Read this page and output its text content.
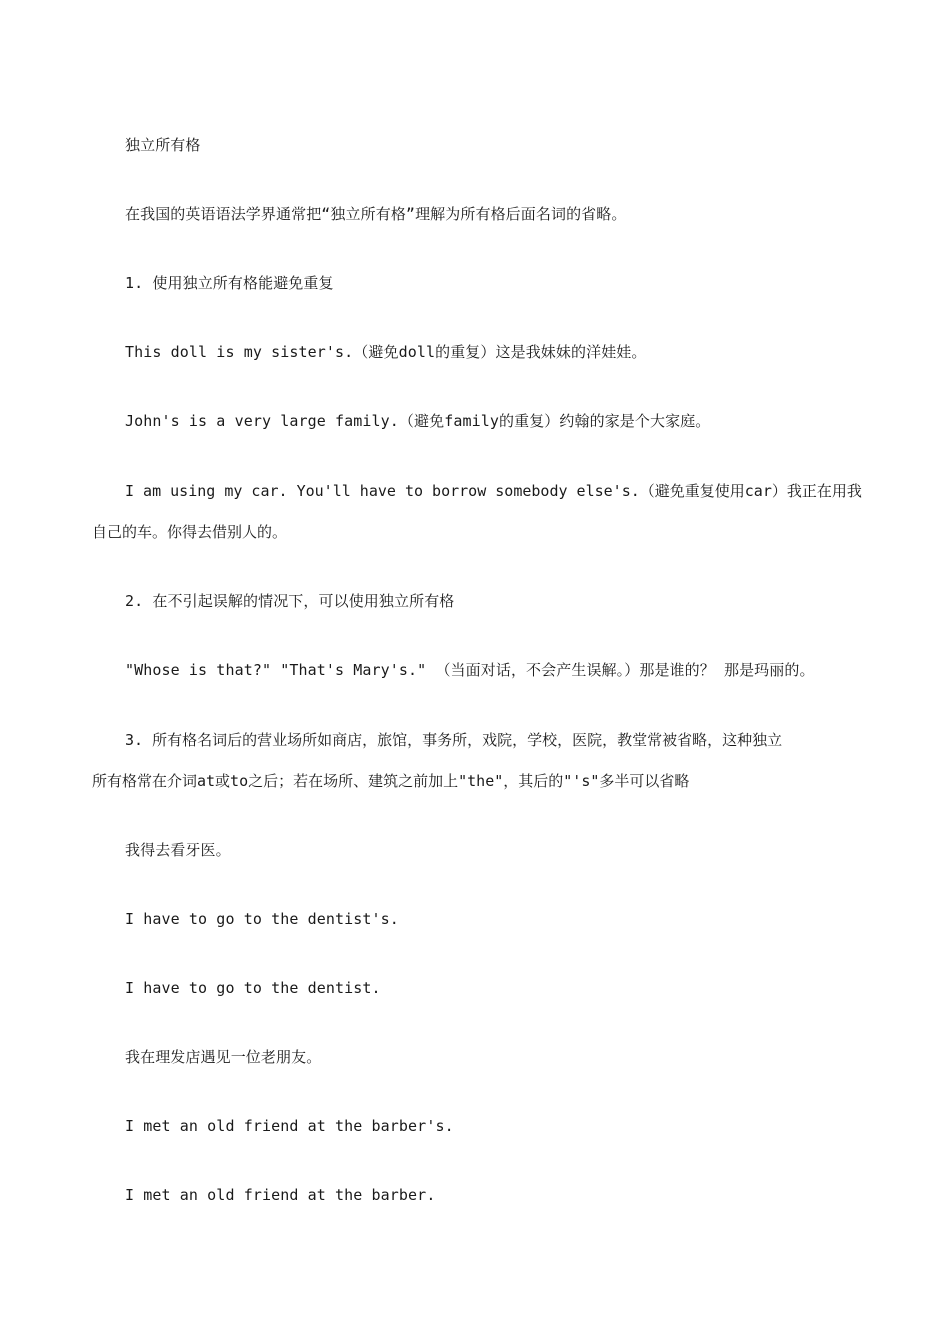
独立所有格
在我国的英语语法学界通常把“独立所有格”理解为所有格后面名词的省略。
1. 使用独立所有格能避免重复
This doll is my sister's.（避免doll的重复）这是我妹妹的洋娃娃。
John's is a very large family.（避免family的重复）约翰的家是个大家庭。
I am using my car. You'll have to borrow somebody else's.（避免重复使用car）我正在用我
自己的车。你得去借别人的。
2. 在不引起误解的情况下，可以使用独立所有格
"Whose is that?" "That's Mary's." （当面对话，不会产生误解。）那是谁的？ 那是玛丽的。
3. 所有格名词后的营业场所如商店，旅馆，事务所，戏院，学校，医院，教堂常被省略，这种独立
所有格常在介词at或to之后；若在场所、建筑之前加上"the"，其后的"'s"多半可以省略
我得去看牙医。
I have to go to the dentist's.
I have to go to the dentist.
我在理发店遇见一位老朋友。
I met an old friend at the barber's.
I met an old friend at the barber.
